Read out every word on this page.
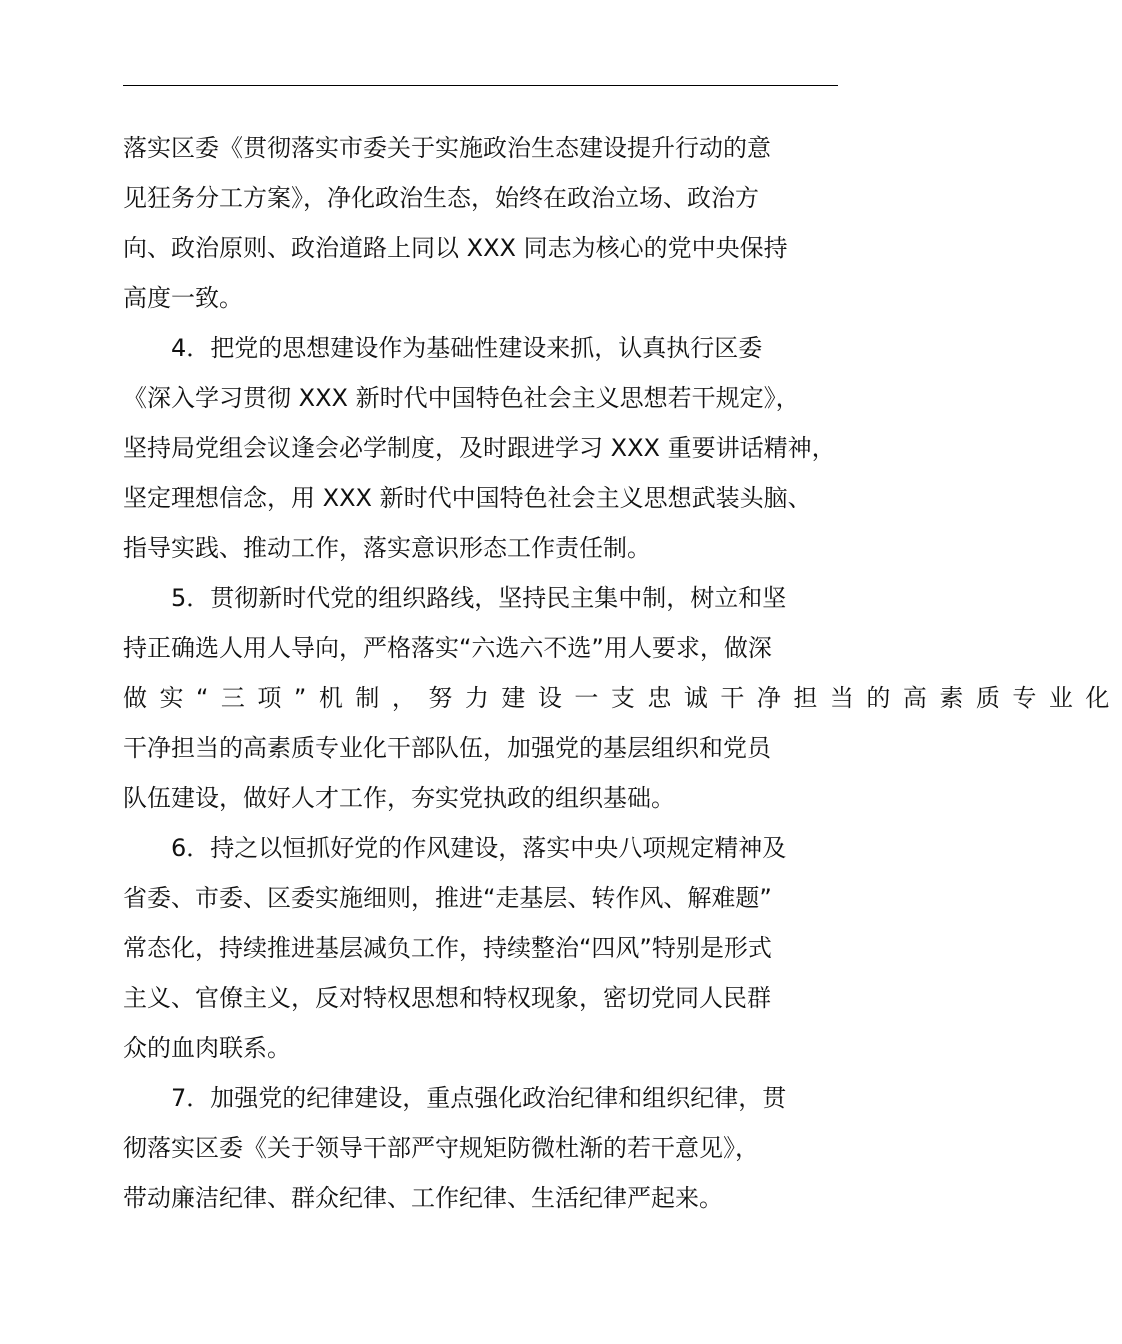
落实区委《贯彻落实市委关于实施政治生态建设提升行动的意
见狂务分工方案》，净化政治生态，始终在政治立场、政治方
向、政治原则、政治道路上同以 XXX 同志为核心的党中央保持
高度一致。
4．把党的思想建设作为基础性建设来抓，认真执行区委
《深入学习贯彻 XXX 新时代中国特色社会主义思想若干规定》，
坚持局党组会议逢会必学制度，及时跟进学习 XXX 重要讲话精神，
坚定理想信念，用 XXX 新时代中国特色社会主义思想武装头脑、
指导实践、推动工作，落实意识形态工作责任制。
5．贯彻新时代党的组织路线，坚持民主集中制，树立和坚
持正确选人用人导向，严格落实“六选六不选”用人要求，做深
做实“三项”机制，努力建设一支忠诚干净担当的高素质专业化
干净担当的高素质专业化干部队伍，加强党的基层组织和党员
队伍建设，做好人才工作，夯实党执政的组织基础。
6．持之以恒抓好党的作风建设，落实中央八项规定精神及
省委、市委、区委实施细则，推进“走基层、转作风、解难题”
常态化，持续推进基层减负工作，持续整治“四风”特别是形式
主义、官僚主义，反对特权思想和特权现象，密切党同人民群
众的血肉联系。
7．加强党的纪律建设，重点强化政治纪律和组织纪律，贯
彻落实区委《关于领导干部严守规矩防微杜渐的若干意见》，
带动廉洁纪律、群众纪律、工作纪律、生活纪律严起来。
